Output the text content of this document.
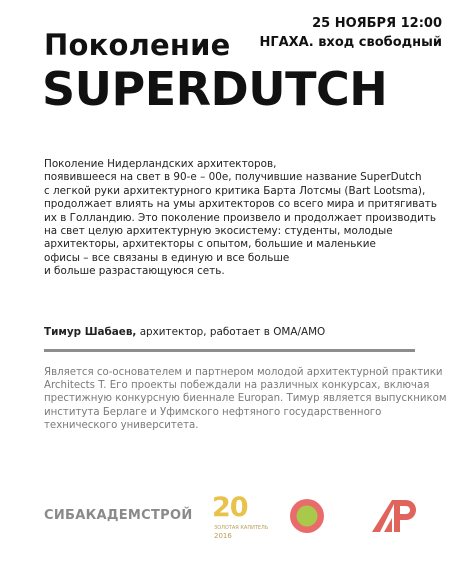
25 НОЯБРЯ 12:00
НГАХА. вход свободный
Поколение
SUPERDUTCH
Поколение Нидерландских архитекторов,
появившееся на свет в 90-е – 00е, получившие название SuperDutch
с легкой руки архитектурного критика Барта Лотсмы (Bart Lootsma),
продолжает влиять на умы архитекторов со всего мира и притягивать
их в Голландию. Это поколение произвело и продолжает производить
на свет целую архитектурную экосистему: студенты, молодые
архитекторы, архитекторы с опытом, большие и маленькие
офисы – все связаны в единую и все больше
и больше разрастающуюся сеть.
Тимур Шабаев, архитектор, работает в OMA/AMO
Является со-основателем и партнером молодой архитектурной практики
Architects T. Его проекты побеждали на различных конкурсах, включая
престижную конкурсную биеннале Europan. Тимур является выпускником
института Берлаге и Уфимского нефтяного государственного
технического университета.
СИБАКАДЕМСТРОЙ 20
ЗОЛОТАЯ КАПИТЕЛЬ
2016
